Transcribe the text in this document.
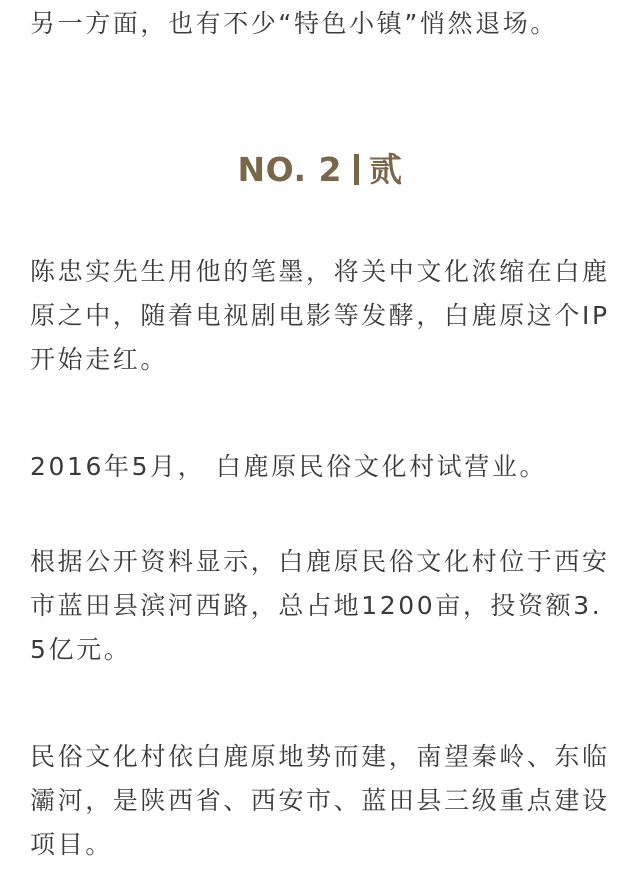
另一方面，也有不少“特色小镇”悄然退场。

NO. 2 贰

陈忠实先生用他的笔墨，将关中文化浓缩在白鹿原之中，随着电视剧电影等发酵，白鹿原这个IP开始走红。

2016年5月， 白鹿原民俗文化村试营业。

根据公开资料显示，白鹿原民俗文化村位于西安市蓝田县滨河西路，总占地1200亩，投资额3.5亿元。

民俗文化村依白鹿原地势而建，南望秦岭、东临灞河，是陕西省、西安市、蓝田县三级重点建设项目。
